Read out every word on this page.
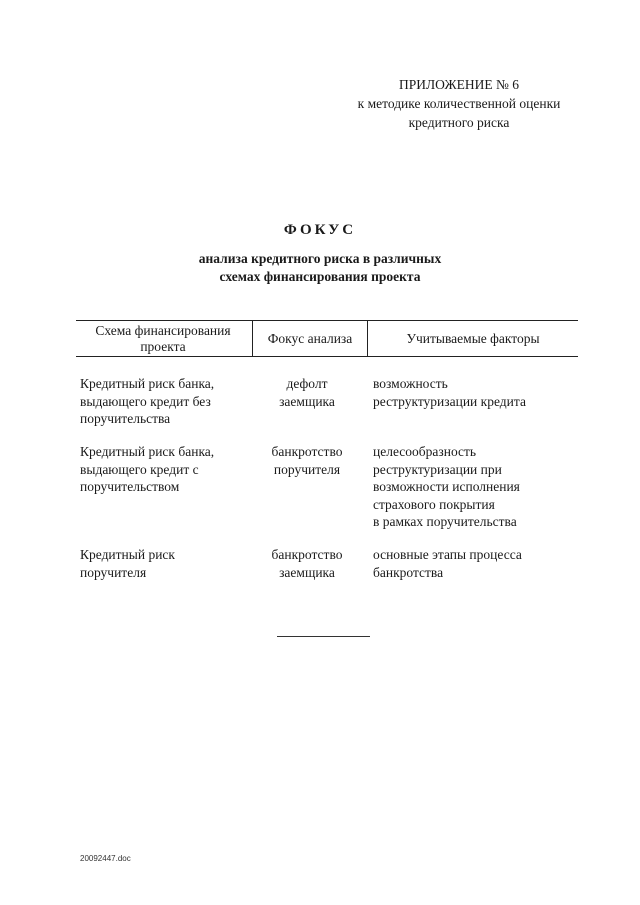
ПРИЛОЖЕНИЕ № 6
к методике количественной оценки
кредитного риска
ФОКУС
анализа кредитного риска в различных
схемах финансирования проекта
Схема финансирования
проекта
Фокус анализа	Учитываемые факторы
Кредитный риск банка,
выдающего кредит без
поручительства
дефолт
заемщика
возможность
реструктуризации кредита
Кредитный риск банка,
выдающего кредит с
поручительством
банкротство
поручителя
целесообразность
реструктуризации при
возможности исполнения
страхового покрытия
в рамках поручительства
Кредитный риск
поручителя
банкротство
заемщика
основные этапы процесса
банкротства
20092447.doc
